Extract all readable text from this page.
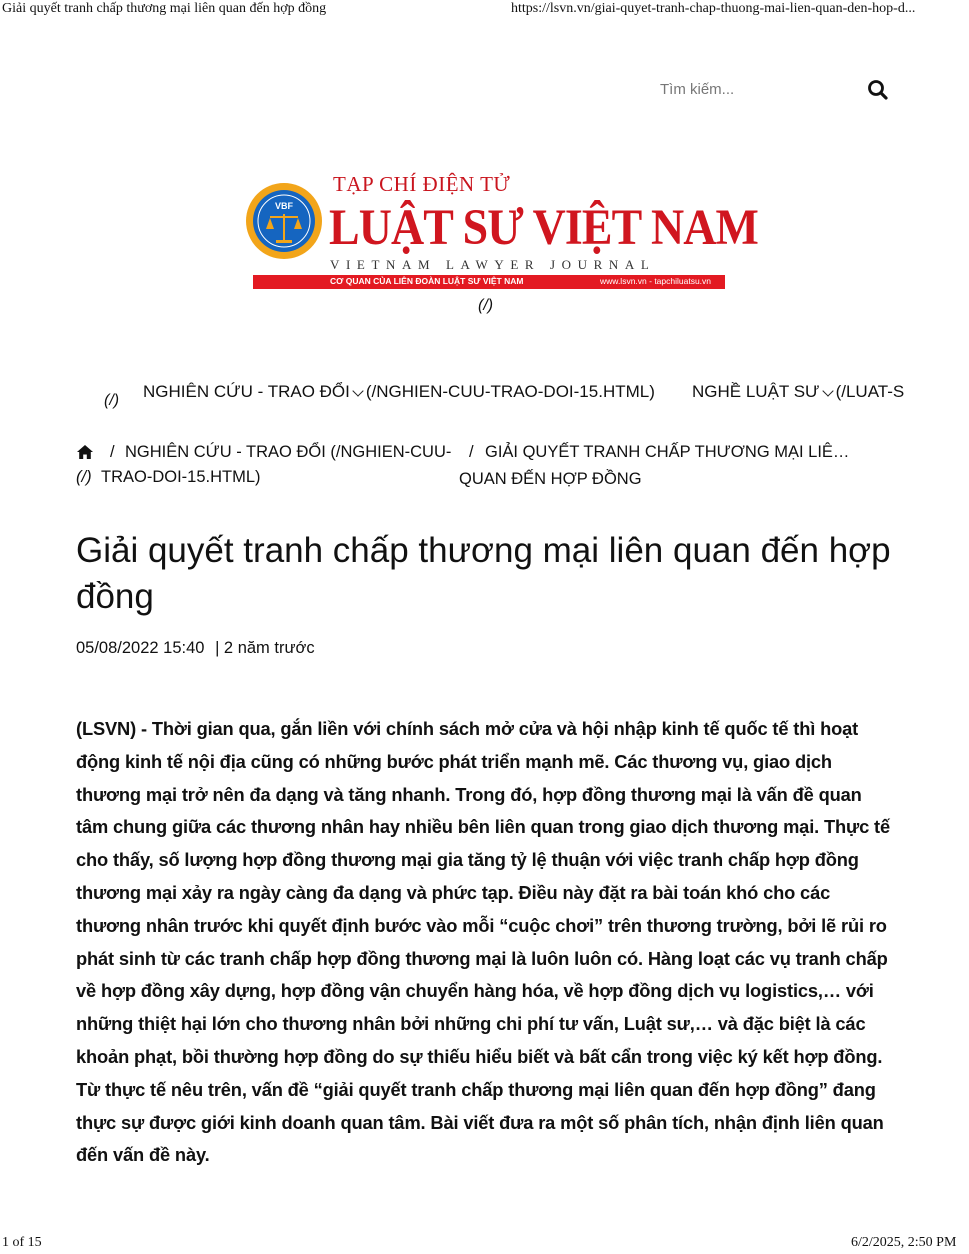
Giải quyết tranh chấp thương mại liên quan đến hợp đồng	https://lsvn.vn/giai-quyet-tranh-chap-thuong-mai-lien-quan-den-hop-d...
Tìm kiếm...
VBF
TẠP CHÍ ĐIỆN TỬ
LUẬT SƯ VIỆT NAM
VIETNAM LAWYER JOURNAL
CƠ QUAN CỦA LIÊN ĐOÀN LUẬT SƯ VIỆT NAM	www.lsvn.vn - tapchiluatsu.vn
(/)
(/) NGHIÊN CỨU - TRAO ĐỔI (/NGHIEN-CUU-TRAO-DOI-15.HTML) NGHỀ LUẬT SƯ (/LUAT-S
(/)
/ NGHIÊN CỨU - TRAO ĐỔI (/NGHIEN-CUU-
TRAO-DOI-15.HTML)
/ GIẢI QUYẾT TRANH CHẤP THƯƠNG MẠI LIÊ…
QUAN ĐẾN HỢP ĐỒNG
Giải quyết tranh chấp thương mại liên quan đến hợp đồng
05/08/2022 15:40 | 2 năm trước

(LSVN) - Thời gian qua, gắn liền với chính sách mở cửa và hội nhập kinh tế quốc tế thì hoạt động kinh tế nội địa cũng có những bước phát triển mạnh mẽ. Các thương vụ, giao dịch thương mại trở nên đa dạng và tăng nhanh. Trong đó, hợp đồng thương mại là vấn đề quan tâm chung giữa các thương nhân hay nhiều bên liên quan trong giao dịch thương mại. Thực tế cho thấy, số lượng hợp đồng thương mại gia tăng tỷ lệ thuận với việc tranh chấp hợp đồng thương mại xảy ra ngày càng đa dạng và phức tạp. Điều này đặt ra bài toán khó cho các thương nhân trước khi quyết định bước vào mỗi “cuộc chơi” trên thương trường, bởi lẽ rủi ro phát sinh từ các tranh chấp hợp đồng thương mại là luôn luôn có. Hàng loạt các vụ tranh chấp về hợp đồng xây dựng, hợp đồng vận chuyển hàng hóa, về hợp đồng dịch vụ logistics,… với những thiệt hại lớn cho thương nhân bởi những chi phí tư vấn, Luật sư,… và đặc biệt là các khoản phạt, bồi thường hợp đồng do sự thiếu hiểu biết và bất cẩn trong việc ký kết hợp đồng. Từ thực tế nêu trên, vấn đề “giải quyết tranh chấp thương mại liên quan đến hợp đồng” đang thực sự được giới kinh doanh quan tâm. Bài viết đưa ra một số phân tích, nhận định liên quan đến vấn đề này.

1 of 15	6/2/2025, 2:50 PM
